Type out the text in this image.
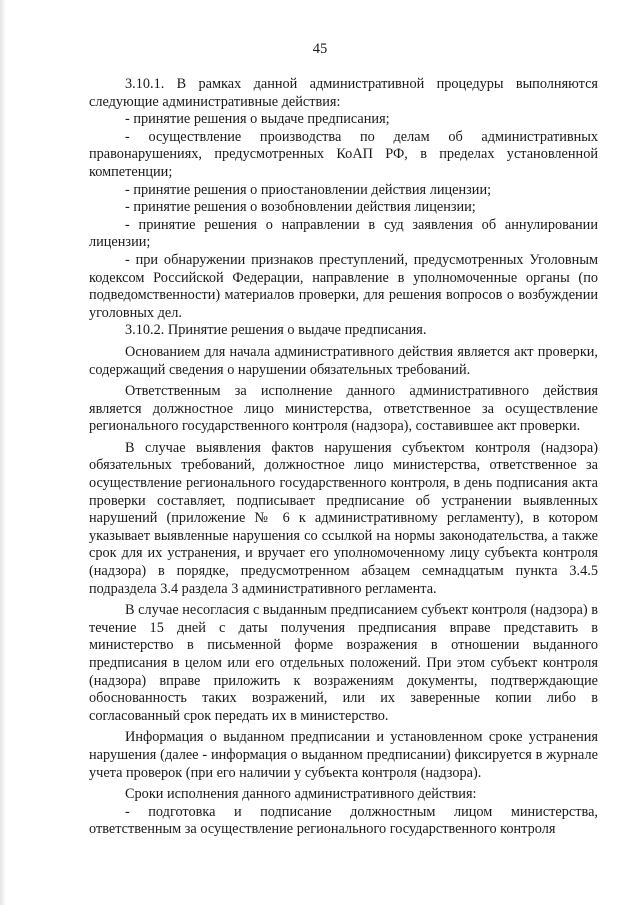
45

3.10.1. В рамках данной административной процедуры выполняются следующие административные действия:

- принятие решения о выдаче предписания;

- осуществление производства по делам об административных правонарушениях, предусмотренных КоАП РФ, в пределах установленной компетенции;

- принятие решения о приостановлении действия лицензии;

- принятие решения о возобновлении действия лицензии;

- принятие решения о направлении в суд заявления об аннулировании лицензии;

- при обнаружении признаков преступлений, предусмотренных Уголовным кодексом Российской Федерации, направление в уполномоченные органы (по подведомственности) материалов проверки, для решения вопросов о возбуждении уголовных дел.

3.10.2. Принятие решения о выдаче предписания.

Основанием для начала административного действия является акт проверки, содержащий сведения о нарушении обязательных требований.

Ответственным за исполнение данного административного действия является должностное лицо министерства, ответственное за осуществление регионального государственного контроля (надзора), составившее акт проверки.

В случае выявления фактов нарушения субъектом контроля (надзора) обязательных требований, должностное лицо министерства, ответственное за осуществление регионального государственного контроля, в день подписания акта проверки составляет, подписывает предписание об устранении выявленных нарушений (приложение № 6 к административному регламенту), в котором указывает выявленные нарушения со ссылкой на нормы законодательства, а также срок для их устранения, и вручает его уполномоченному лицу субъекта контроля (надзора) в порядке, предусмотренном абзацем семнадцатым пункта 3.4.5 подраздела 3.4 раздела 3 административного регламента.

В случае несогласия с выданным предписанием субъект контроля (надзора) в течение 15 дней с даты получения предписания вправе представить в министерство в письменной форме возражения в отношении выданного предписания в целом или его отдельных положений. При этом субъект контроля (надзора) вправе приложить к возражениям документы, подтверждающие обоснованность таких возражений, или их заверенные копии либо в согласованный срок передать их в министерство.

Информация о выданном предписании и установленном сроке устранения нарушения (далее - информация о выданном предписании) фиксируется в журнале учета проверок (при его наличии у субъекта контроля (надзора).

Сроки исполнения данного административного действия:

- подготовка и подписание должностным лицом министерства, ответственным за осуществление регионального государственного контроля
